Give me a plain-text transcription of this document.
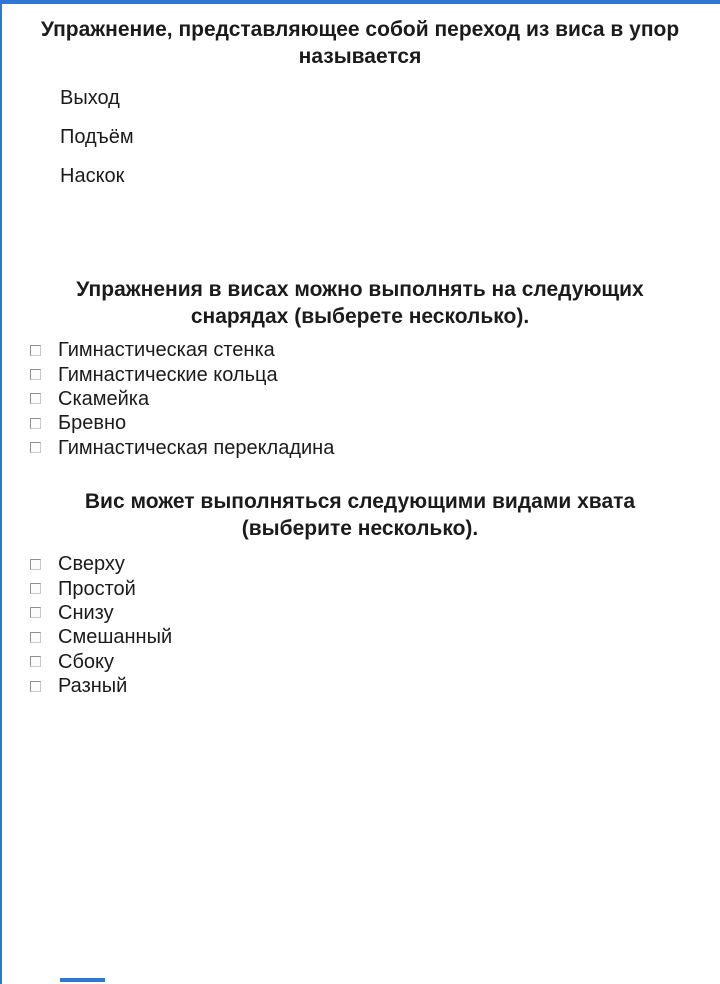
Упражнение, представляющее собой переход из виса в упор называется
Выход
Подъём
Наскок
Упражнения в висах можно выполнять на следующих снарядах (выберете несколько).
Гимнастическая стенка
Гимнастические кольца
Скамейка
Бревно
Гимнастическая перекладина
Вис может выполняться следующими видами хвата (выберите несколько).
Сверху
Простой
Снизу
Смешанный
Сбоку
Разный
